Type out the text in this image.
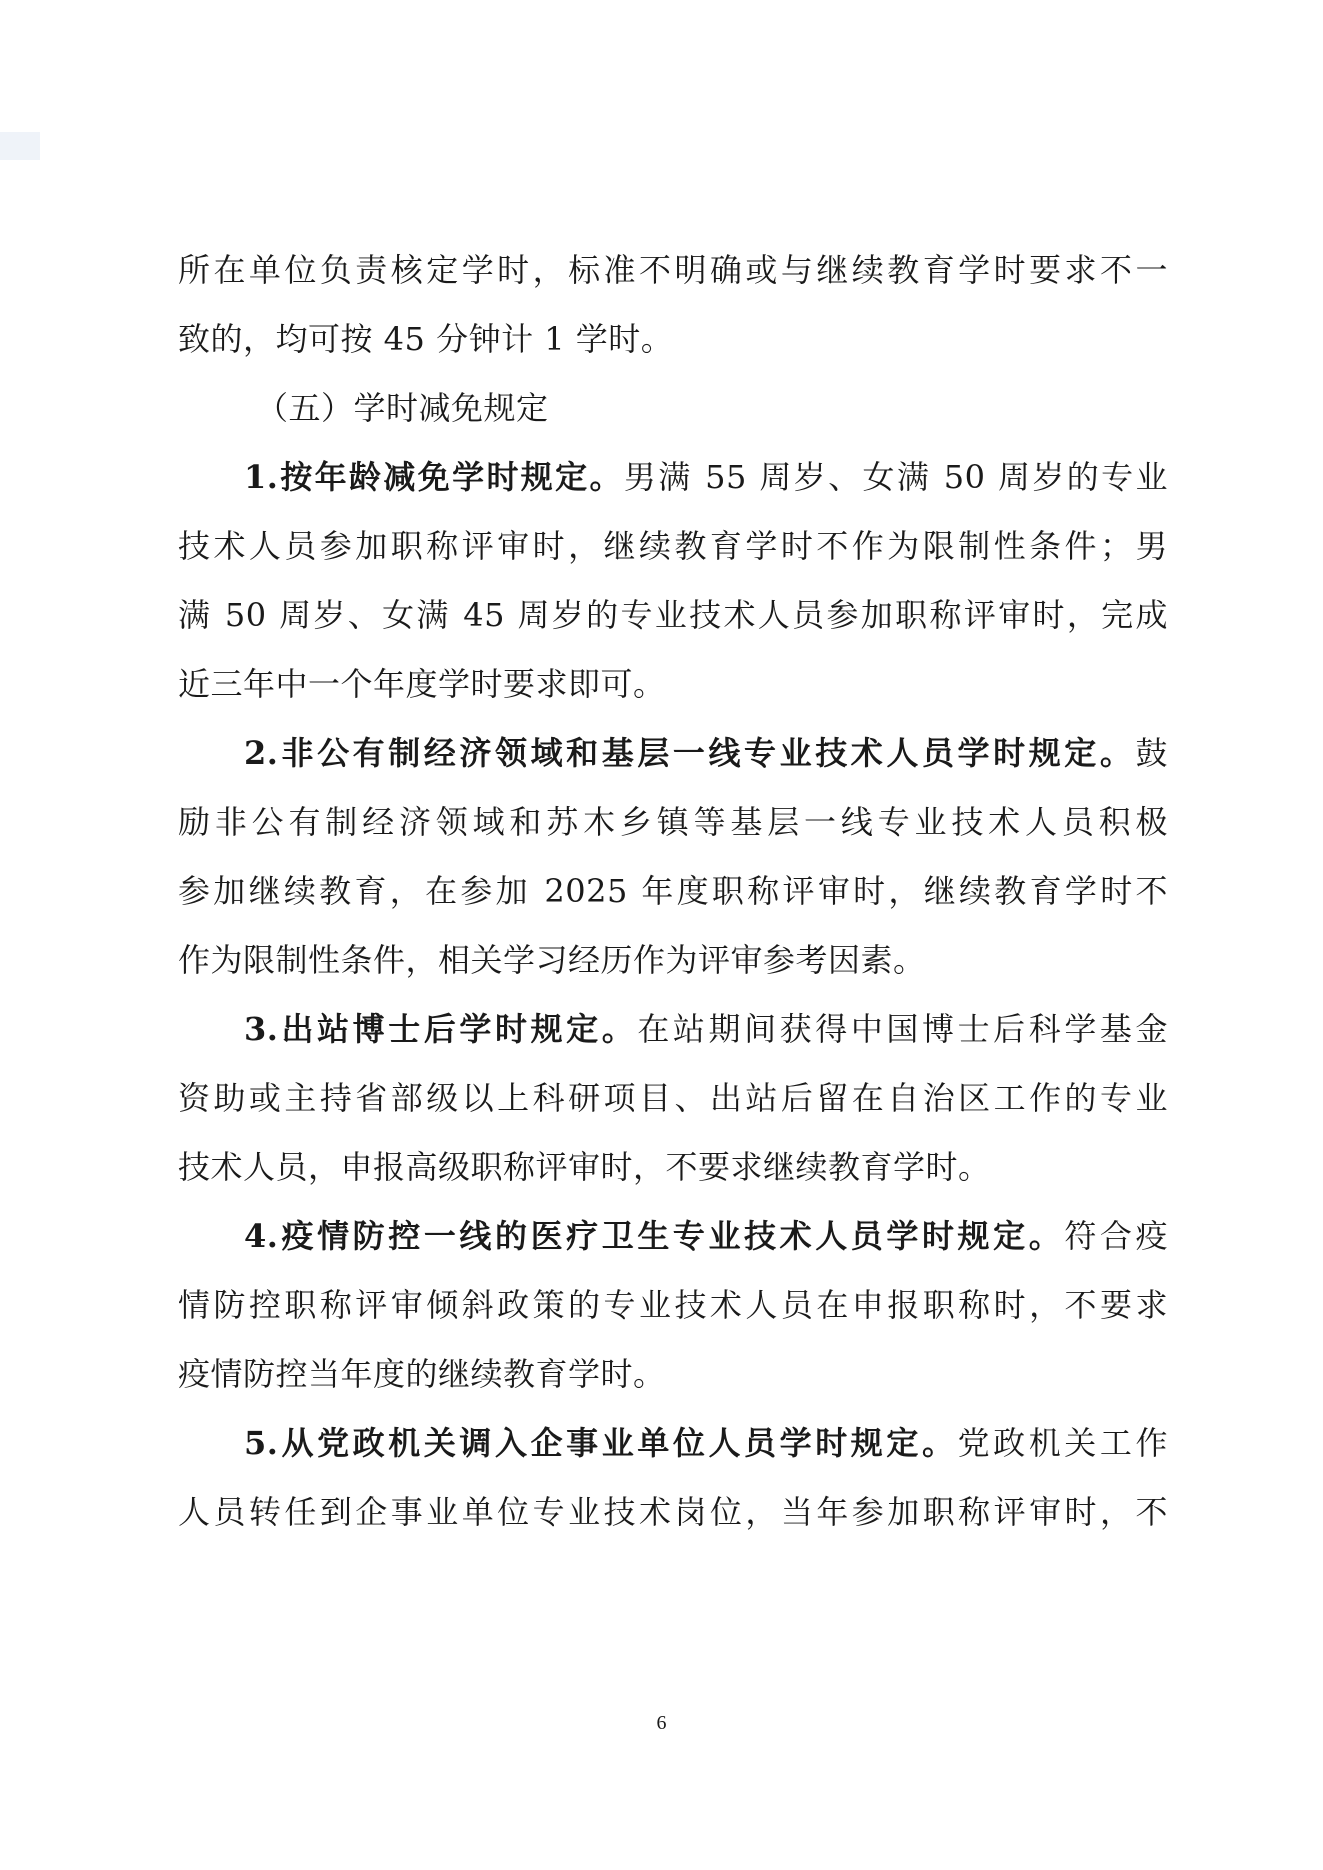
所在单位负责核定学时，标准不明确或与继续教育学时要求不一
致的，均可按 45 分钟计 1 学时。
（五）学时减免规定
1.按年龄减免学时规定。男满 55 周岁、女满 50 周岁的专业
技术人员参加职称评审时，继续教育学时不作为限制性条件；男
满 50 周岁、女满 45 周岁的专业技术人员参加职称评审时，完成
近三年中一个年度学时要求即可。
2.非公有制经济领域和基层一线专业技术人员学时规定。鼓
励非公有制经济领域和苏木乡镇等基层一线专业技术人员积极
参加继续教育，在参加 2025 年度职称评审时，继续教育学时不
作为限制性条件，相关学习经历作为评审参考因素。
3.出站博士后学时规定。在站期间获得中国博士后科学基金
资助或主持省部级以上科研项目、出站后留在自治区工作的专业
技术人员，申报高级职称评审时，不要求继续教育学时。
4.疫情防控一线的医疗卫生专业技术人员学时规定。符合疫
情防控职称评审倾斜政策的专业技术人员在申报职称时，不要求
疫情防控当年度的继续教育学时。
5.从党政机关调入企事业单位人员学时规定。党政机关工作
人员转任到企事业单位专业技术岗位，当年参加职称评审时，不
6
